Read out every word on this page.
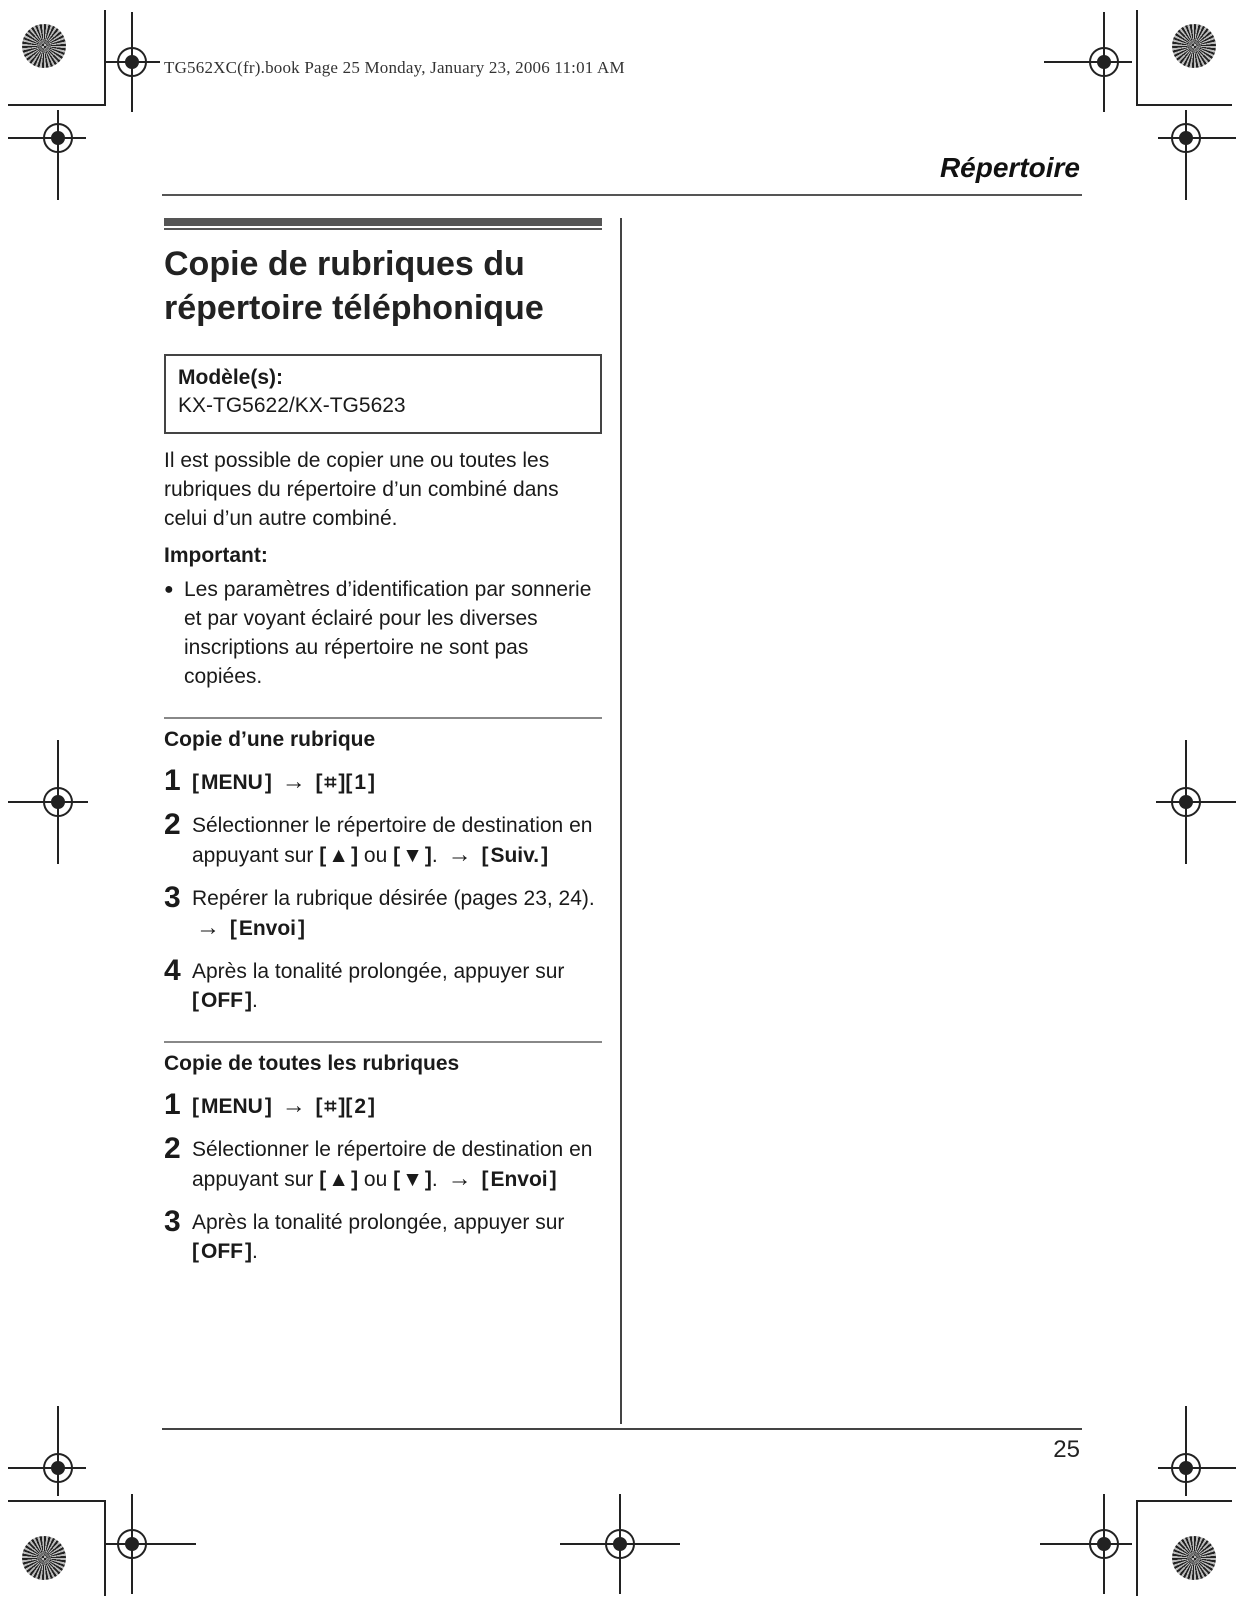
TG562XC(fr).book Page 25 Monday, January 23, 2006 11:01 AM
Répertoire
Copie de rubriques du
répertoire téléphonique
Modèle(s):
KX-TG5622/KX-TG5623

Il est possible de copier une ou toutes les rubriques du répertoire d’un combiné dans celui d’un autre combiné.

Important:
● Les paramètres d’identification par sonnerie et par voyant éclairé pour les diverses inscriptions au répertoire ne sont pas copiées.
Copie d’une rubrique
1 [ MENU ] → [ ⌗ ] [ 1 ]
2 Sélectionner le répertoire de destination en appuyant sur [ ▲ ] ou [ ▼ ] . → [ Suiv. ]
3 Repérer la rubrique désirée (pages 23, 24).
→ [ Envoi ]
4 Après la tonalité prolongée, appuyer sur
[ OFF ] .
Copie de toutes les rubriques
1 [ MENU ] → [ ⌗ ] [ 2 ]
2 Sélectionner le répertoire de destination en appuyant sur [ ▲ ] ou [ ▼ ] . → [ Envoi ]
3 Après la tonalité prolongée, appuyer sur
[ OFF ] .
25
